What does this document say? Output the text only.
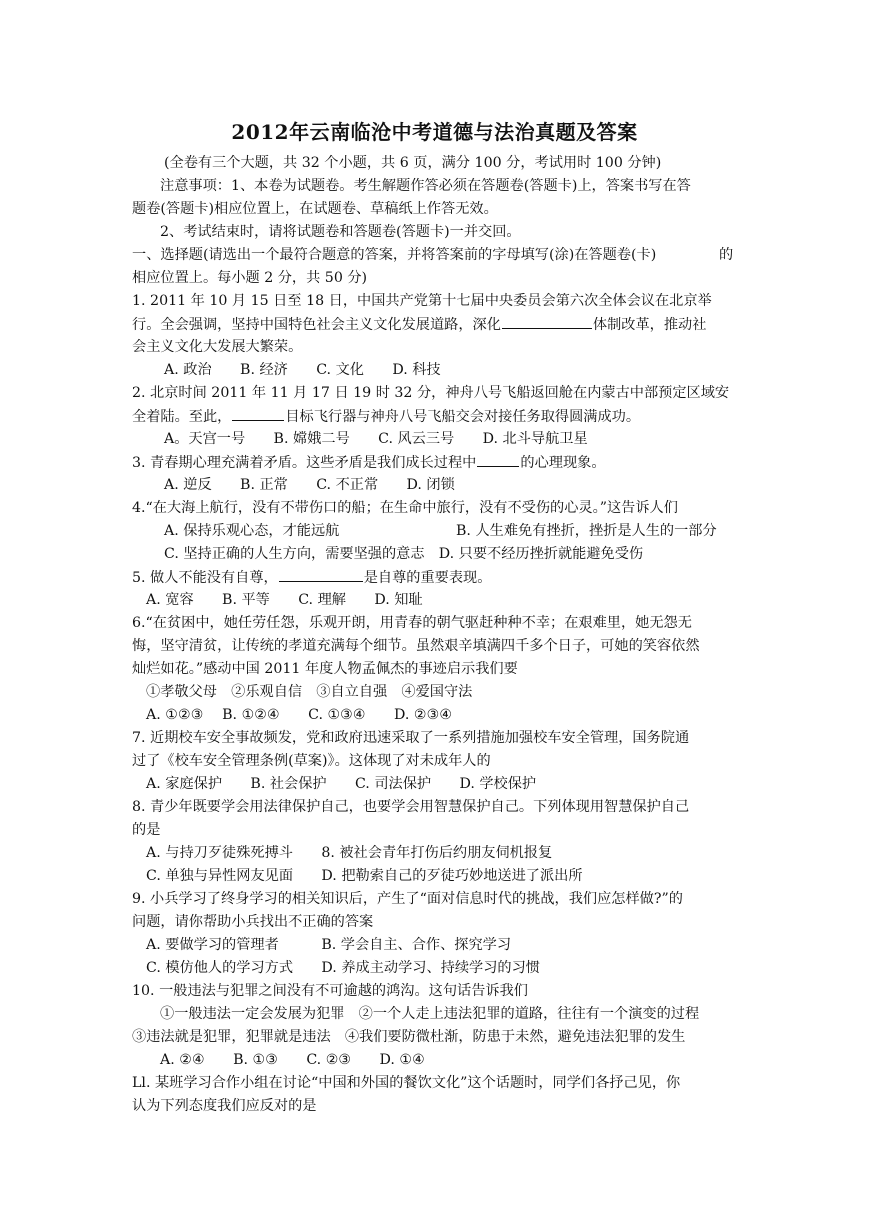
2012年云南临沧中考道德与法治真题及答案
(全卷有三个大题，共 32 个小题，共 6 页，满分 100 分，考试用时 100 分钟)
注意事项：1、本卷为试题卷。考生解题作答必须在答题卷(答题卡)上，答案书写在答
题卷(答题卡)相应位置上，在试题卷、草稿纸上作答无效。
2、考试结束时，请将试题卷和答题卷(答题卡)一并交回。
一、选择题(请选出一个最符合题意的答案，并将答案前的字母填写(涂)在答题卷(卡)	的
相应位置上。每小题 2 分，共 50 分)
1. 2011 年 10 月 15 日至 18 日，中国共产党第十七届中央委员会第六次全体会议在北京举
行。全会强调，坚持中国特色社会主义文化发展道路，深化	体制改革，推动社
会主义文化大发展大繁荣。
A. 政治　　B. 经济　　C. 文化　　D. 科技
2. 北京时间 2011 年 11 月 17 日 19 时 32 分，神舟八号飞船返回舱在内蒙古中部预定区域安
全着陆。至此，	目标飞行器与神舟八号飞船交会对接任务取得圆满成功。
A。天宫一号　　B. 嫦娥二号　　C. 风云三号　　D. 北斗导航卫星
3. 青春期心理充满着矛盾。这些矛盾是我们成长过程中	的心理现象。
A. 逆反　　B. 正常　　C. 不正常　　D. 闭锁
4.“在大海上航行，没有不带伤口的船；在生命中旅行，没有不受伤的心灵。”这告诉人们
A. 保持乐观心态，才能远航	B. 人生难免有挫折，挫折是人生的一部分
C. 坚持正确的人生方向，需要坚强的意志　D. 只要不经历挫折就能避免受伤
5. 做人不能没有自尊，	是自尊的重要表现。
A. 宽容　　B. 平等　　C. 理解　　D. 知耻
6.“在贫困中，她任劳任怨，乐观开朗，用青春的朝气驱赶种种不幸；在艰难里，她无怨无
悔，坚守清贫，让传统的孝道充满每个细节。虽然艰辛填满四千多个日子，可她的笑容依然
灿烂如花。”感动中国 2011 年度人物孟佩杰的事迹启示我们要
①孝敬父母　②乐观自信　③自立自强　④爱国守法
A. ①②③　 B. ①②④　　C. ①③④　　D. ②③④
7. 近期校车安全事故频发，党和政府迅速采取了一系列措施加强校车安全管理，国务院通
过了《校车安全管理条例(草案)》。这体现了对未成年人的
A. 家庭保护　　B. 社会保护　　C. 司法保护　　D. 学校保护
8. 青少年既要学会用法律保护自己，也要学会用智慧保护自己。下列体现用智慧保护自己
的是
A. 与持刀歹徒殊死搏斗　　8. 被社会青年打伤后约朋友伺机报复
C. 单独与异性网友见面　　D. 把勒索自己的歹徒巧妙地送进了派出所
9. 小兵学习了终身学习的相关知识后，产生了“面对信息时代的挑战，我们应怎样做?”的
问题，请你帮助小兵找出不正确的答案
A. 要做学习的管理者　　　B. 学会自主、合作、探究学习
C. 模仿他人的学习方式　　D. 养成主动学习、持续学习的习惯
10. 一般违法与犯罪之间没有不可逾越的鸿沟。这句话告诉我们
①一般违法一定会发展为犯罪　②一个人走上违法犯罪的道路，往往有一个演变的过程
③违法就是犯罪，犯罪就是违法　④我们要防微杜渐，防患于未然，避免违法犯罪的发生
A. ②④　　B. ①③　　C. ②③　　D. ①④
Ll. 某班学习合作小组在讨论“中国和外国的餐饮文化”这个话题时，同学们各抒己见，你
认为下列态度我们应反对的是
